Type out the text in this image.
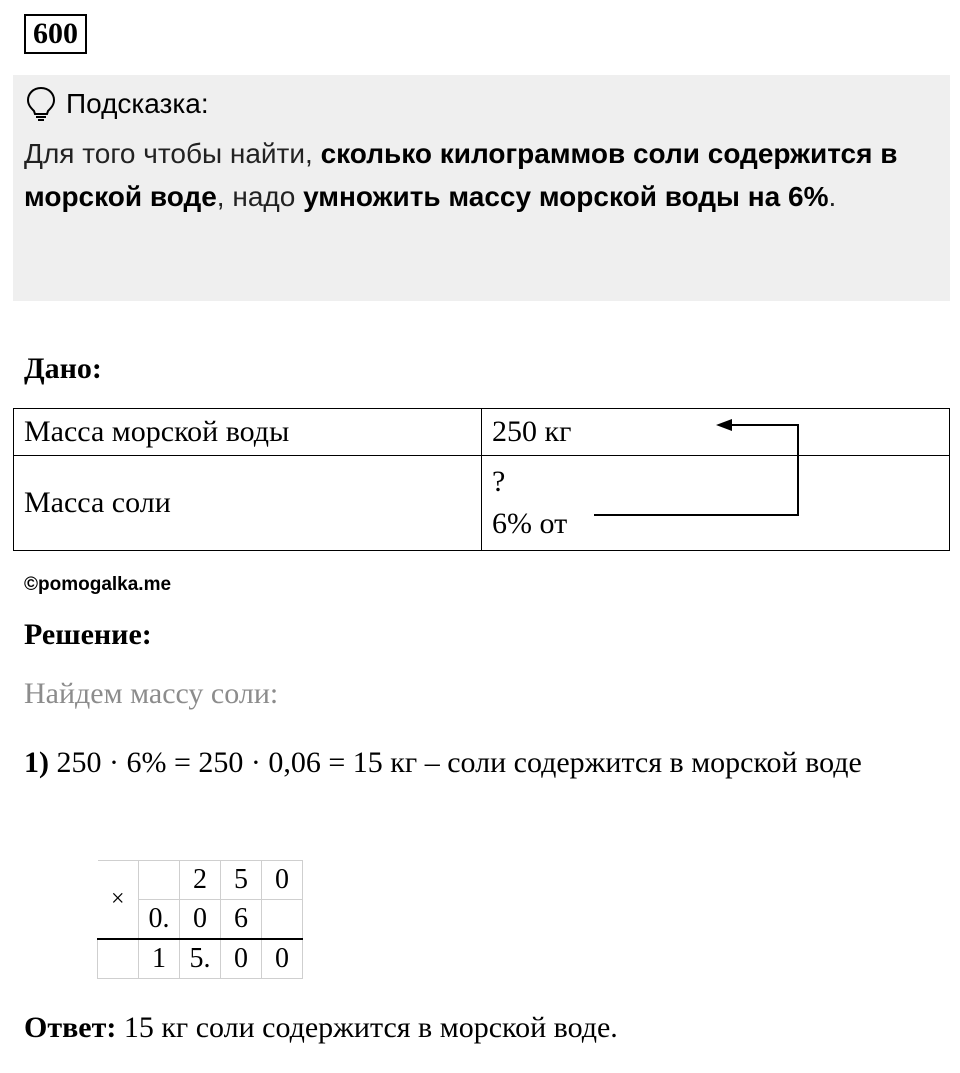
600
Подсказка:
Для того чтобы найти, сколько килограммов соли содержится в морской воде, надо умножить массу морской воды на 6%.
Дано:
Масса морской воды	250 кг
Масса соли	?
6% от
©pomogalka.me
Решение:
Найдем массу соли:
1) 250 · 6% = 250 · 0,06 = 15 кг – соли содержится в морской воде
×		2	5	0
	0.	0	6	
	1	5.	0	0
Ответ: 15 кг соли содержится в морской воде.
